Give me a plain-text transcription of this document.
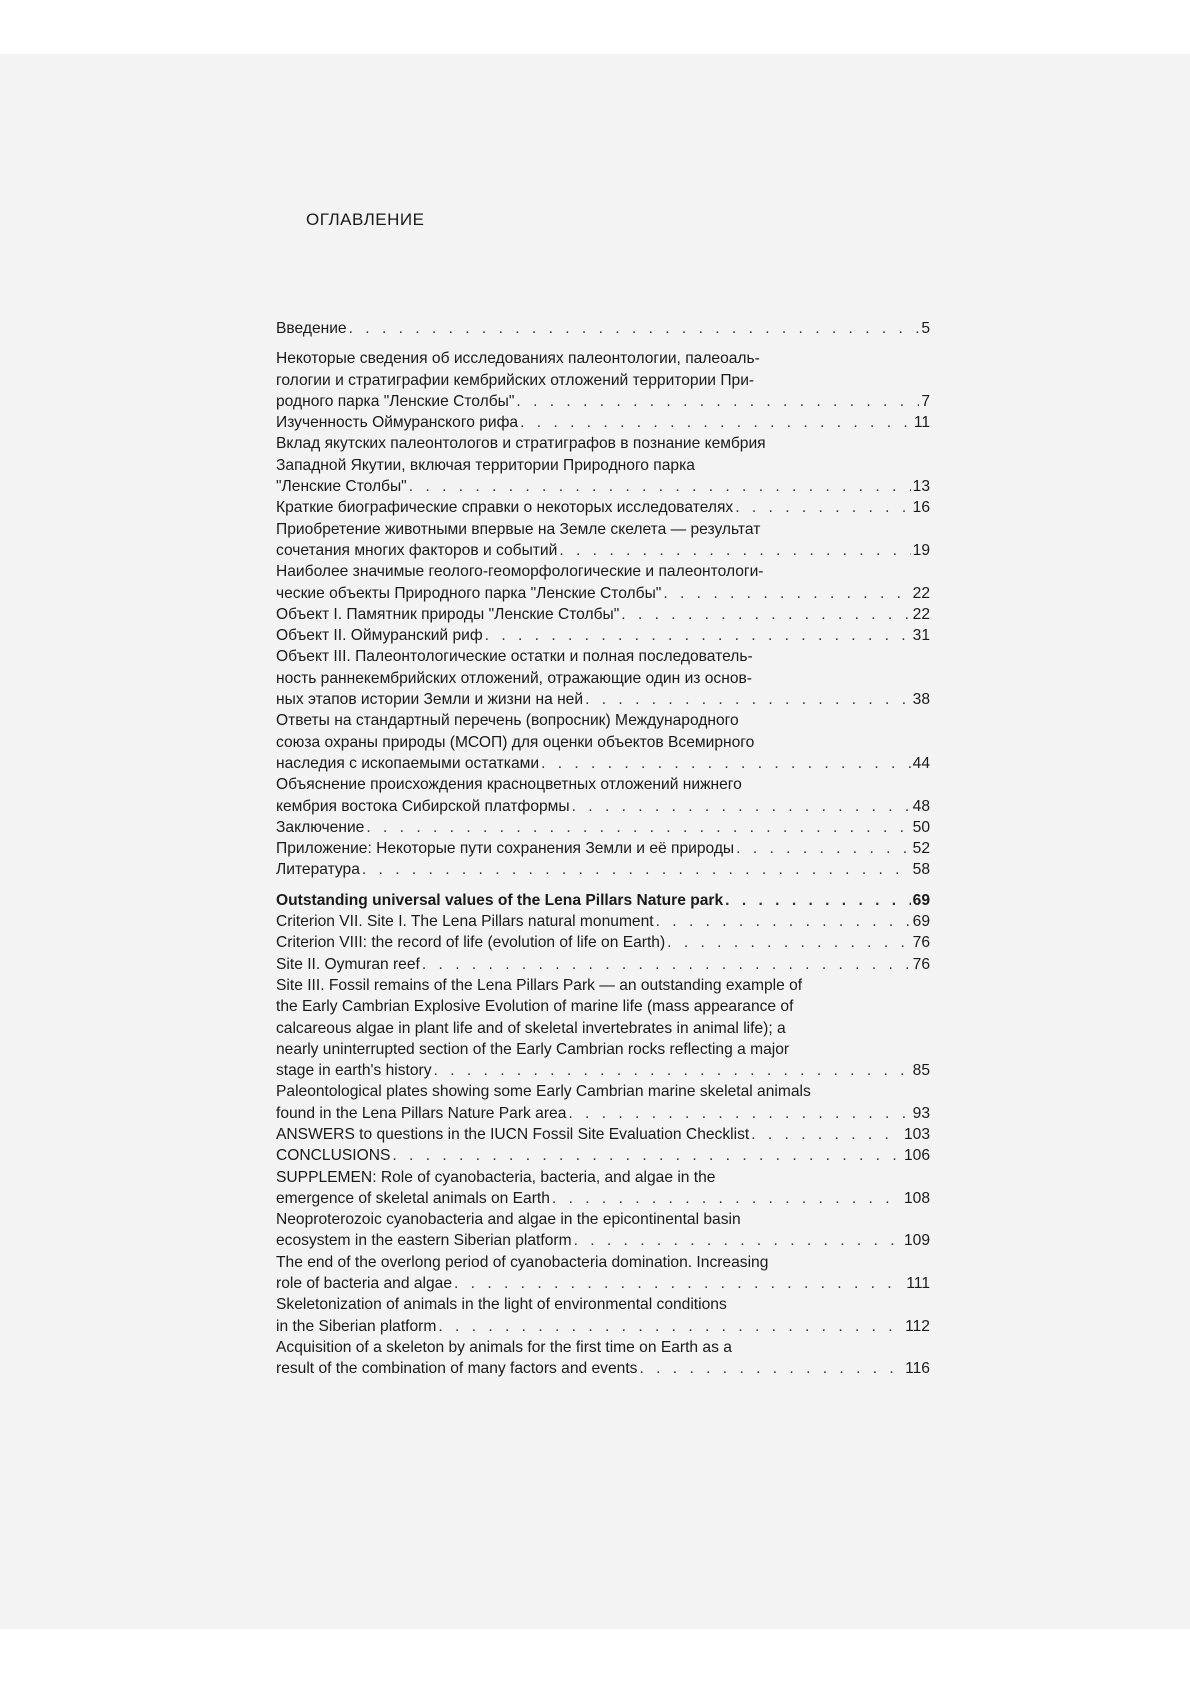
ОГЛАВЛЕНИЕ
Введение . . .	5
Некоторые сведения об исследованиях палеонтологии, палеоаль-
гологии и стратиграфии кембрийских отложений территории При-
родного парка "Ленские Столбы" . . .	7
Изученность Оймуранского рифа . . .	11
Вклад якутских палеонтологов и стратиграфов в познание кембрия
Западной Якутии, включая территории Природного парка
"Ленские Столбы" . . .	13
Краткие биографические справки о некоторых исследователях . . .	16
Приобретение животными впервые на Земле скелета — результат
сочетания многих факторов и событий . . .	19
Наиболее значимые геолого-геоморфологические и палеонтологи-
ческие объекты Природного парка "Ленские Столбы" . . .	22
Объект I. Памятник природы "Ленские Столбы" . . .	22
Объект II. Оймуранский риф . . .	31
Объект III. Палеонтологические остатки и полная последователь-
ность раннекембрийских отложений, отражающие один из основ-
ных этапов истории Земли и жизни на ней . . .	38
Ответы на стандартный перечень (вопросник) Международного
союза охраны природы (МСОП) для оценки объектов Всемирного
наследия с ископаемыми остатками . . .	44
Объяснение происхождения красноцветных отложений нижнего
кембрия востока Сибирской платформы . . .	48
Заключение . . .	50
Приложение: Некоторые пути сохранения Земли и её природы . . .	52
Литература . . .	58
Outstanding universal values of the Lena Pillars Nature park . . .	69
Criterion VII. Site I. The Lena Pillars natural monument . . .	69
Criterion VIII: the record of life (evolution of life on Earth) . . .	76
Site II. Oymuran reef . . .	76
Site III. Fossil remains of the Lena Pillars Park — an outstanding example of
the Early Cambrian Explosive Evolution of marine life (mass appearance of
calcareous algae in plant life and of skeletal invertebrates in animal life); a
nearly uninterrupted section of the Early Cambrian rocks reflecting a major
stage in earth's history . . .	85
Paleontological plates showing some Early Cambrian marine skeletal animals
found in the Lena Pillars Nature Park area . . .	93
ANSWERS to questions in the IUCN Fossil Site Evaluation Checklist . . .	103
CONCLUSIONS . . .	106
SUPPLEMEN: Role of cyanobacteria, bacteria, and algae in the
emergence of skeletal animals on Earth . . .	108
Neoproterozoic cyanobacteria and algae in the epicontinental basin
ecosystem in the eastern Siberian platform . . .	109
The end of the overlong period of cyanobacteria domination. Increasing
role of bacteria and algae . . .	111
Skeletonization of animals in the light of environmental conditions
in the Siberian platform . . .	112
Acquisition of a skeleton by animals for the first time on Earth as a
result of the combination of many factors and events . . .	116
